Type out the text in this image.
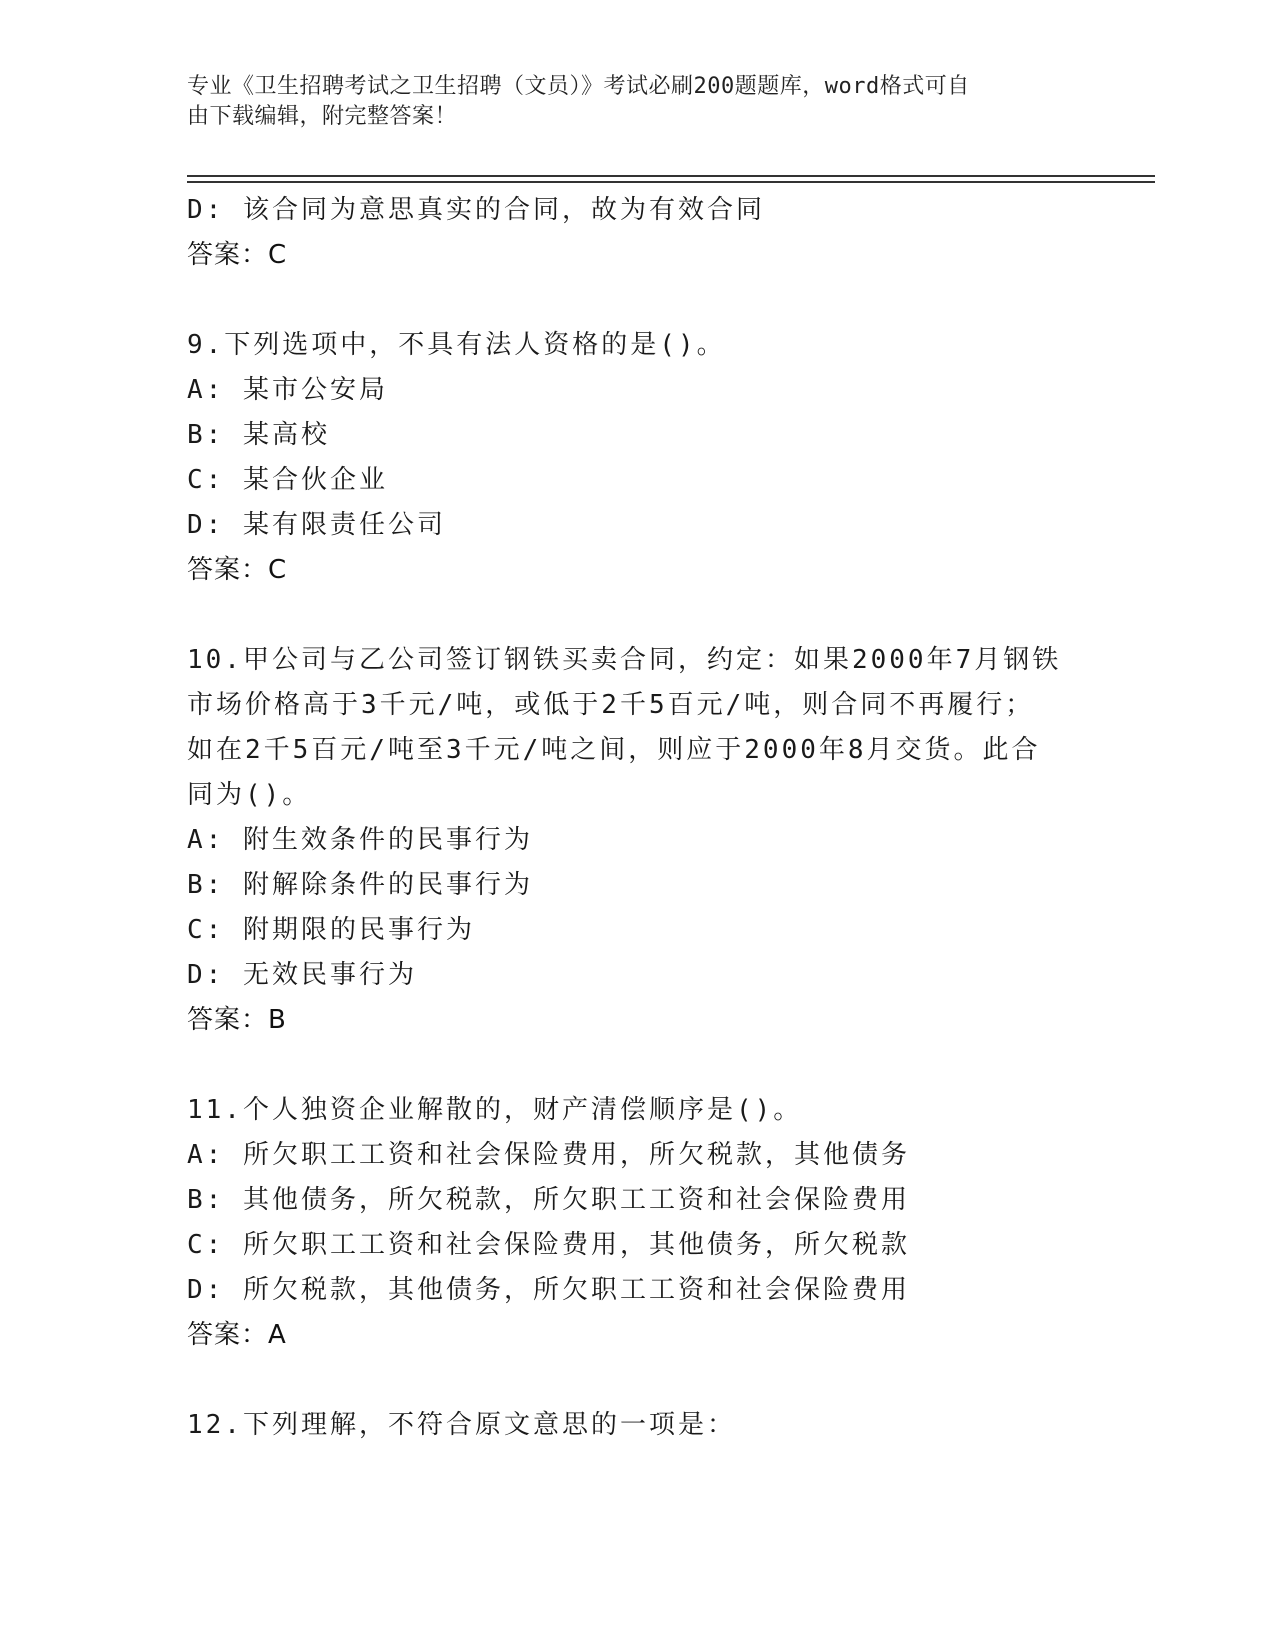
专业《卫生招聘考试之卫生招聘（文员）》考试必刷200题题库，word格式可自
由下载编辑，附完整答案！
D: 该合同为意思真实的合同，故为有效合同
答案：C
9.下列选项中，不具有法人资格的是()。
A: 某市公安局
B: 某高校
C: 某合伙企业
D: 某有限责任公司
答案：C
10.甲公司与乙公司签订钢铁买卖合同，约定：如果2000年7月钢铁
市场价格高于3千元/吨，或低于2千5百元/吨，则合同不再履行；
如在2千5百元/吨至3千元/吨之间，则应于2000年8月交货。此合
同为()。
A: 附生效条件的民事行为
B: 附解除条件的民事行为
C: 附期限的民事行为
D: 无效民事行为
答案：B
11.个人独资企业解散的，财产清偿顺序是()。
A: 所欠职工工资和社会保险费用，所欠税款，其他债务
B: 其他债务，所欠税款，所欠职工工资和社会保险费用
C: 所欠职工工资和社会保险费用，其他债务，所欠税款
D: 所欠税款，其他债务，所欠职工工资和社会保险费用
答案：A
12.下列理解，不符合原文意思的一项是：
